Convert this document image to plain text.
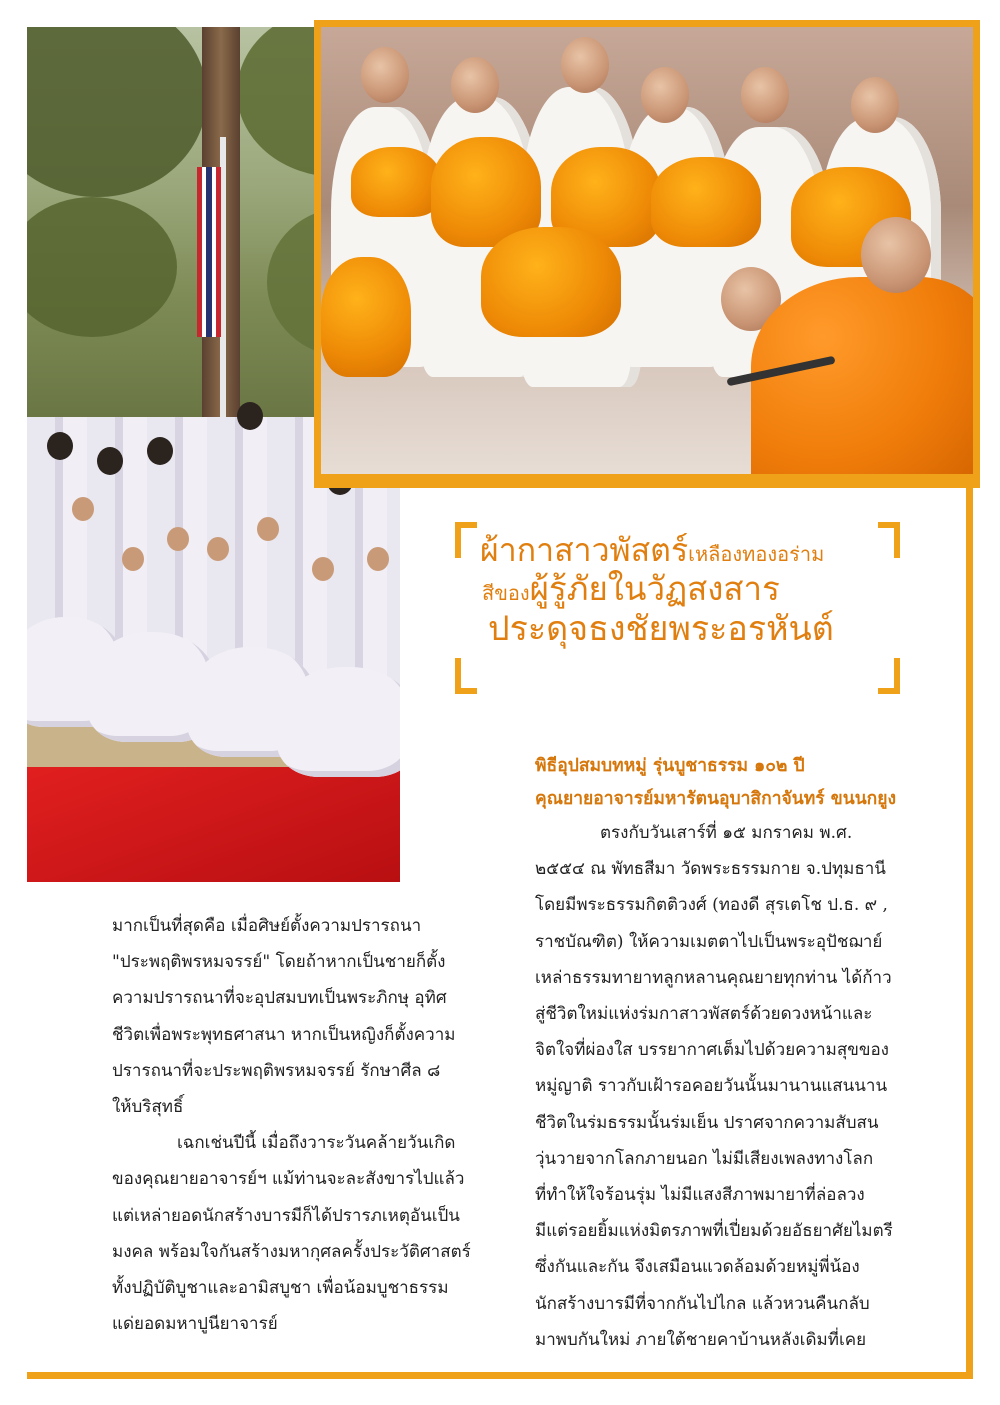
ผ้ากาสาวพัสตร์เหลืองทองอร่าม
สีของผู้รู้ภัยในวัฏสงสาร
ประดุจธงชัยพระอรหันต์
พิธีอุปสมบทหมู่ รุ่นบูชาธรรม ๑๐๒ ปี
คุณยายอาจารย์มหารัตนอุบาสิกาจันทร์ ขนนกยูง
ตรงกับวันเสาร์ที่ ๑๕ มกราคม พ.ศ.
๒๕๕๔ ณ พัทธสีมา วัดพระธรรมกาย จ.ปทุมธานี
โดยมีพระธรรมกิตติวงศ์ (ทองดี สุรเตโช ป.ธ. ๙ ,
ราชบัณฑิต) ให้ความเมตตาไปเป็นพระอุปัชฌาย์
เหล่าธรรมทายาทลูกหลานคุณยายทุกท่าน ได้ก้าว
สู่ชีวิตใหม่แห่งร่มกาสาวพัสตร์ด้วยดวงหน้าและ
จิตใจที่ผ่องใส บรรยากาศเต็มไปด้วยความสุขของ
หมู่ญาติ ราวกับเฝ้ารอคอยวันนั้นมานานแสนนาน
ชีวิตในร่มธรรมนั้นร่มเย็น ปราศจากความสับสน
วุ่นวายจากโลกภายนอก ไม่มีเสียงเพลงทางโลก
ที่ทำให้ใจร้อนรุ่ม ไม่มีแสงสีภาพมายาที่ล่อลวง
มีแต่รอยยิ้มแห่งมิตรภาพที่เปี่ยมด้วยอัธยาศัยไมตรี
ซึ่งกันและกัน จึงเสมือนแวดล้อมด้วยหมู่พี่น้อง
นักสร้างบารมีที่จากกันไปไกล แล้วหวนคืนกลับ
มาพบกันใหม่ ภายใต้ชายคาบ้านหลังเดิมที่เคย
มากเป็นที่สุดคือ เมื่อศิษย์ตั้งความปรารถนา
"ประพฤติพรหมจรรย์" โดยถ้าหากเป็นชายก็ตั้ง
ความปรารถนาที่จะอุปสมบทเป็นพระภิกษุ อุทิศ
ชีวิตเพื่อพระพุทธศาสนา หากเป็นหญิงก็ตั้งความ
ปรารถนาที่จะประพฤติพรหมจรรย์ รักษาศีล ๘
ให้บริสุทธิ์
เฉกเช่นปีนี้ เมื่อถึงวาระวันคล้ายวันเกิด
ของคุณยายอาจารย์ฯ แม้ท่านจะละสังขารไปแล้ว
แต่เหล่ายอดนักสร้างบารมีก็ได้ปรารภเหตุอันเป็น
มงคล พร้อมใจกันสร้างมหากุศลครั้งประวัติศาสตร์
ทั้งปฏิบัติบูชาและอามิสบูชา เพื่อน้อมบูชาธรรม
แด่ยอดมหาปูนียาจารย์
